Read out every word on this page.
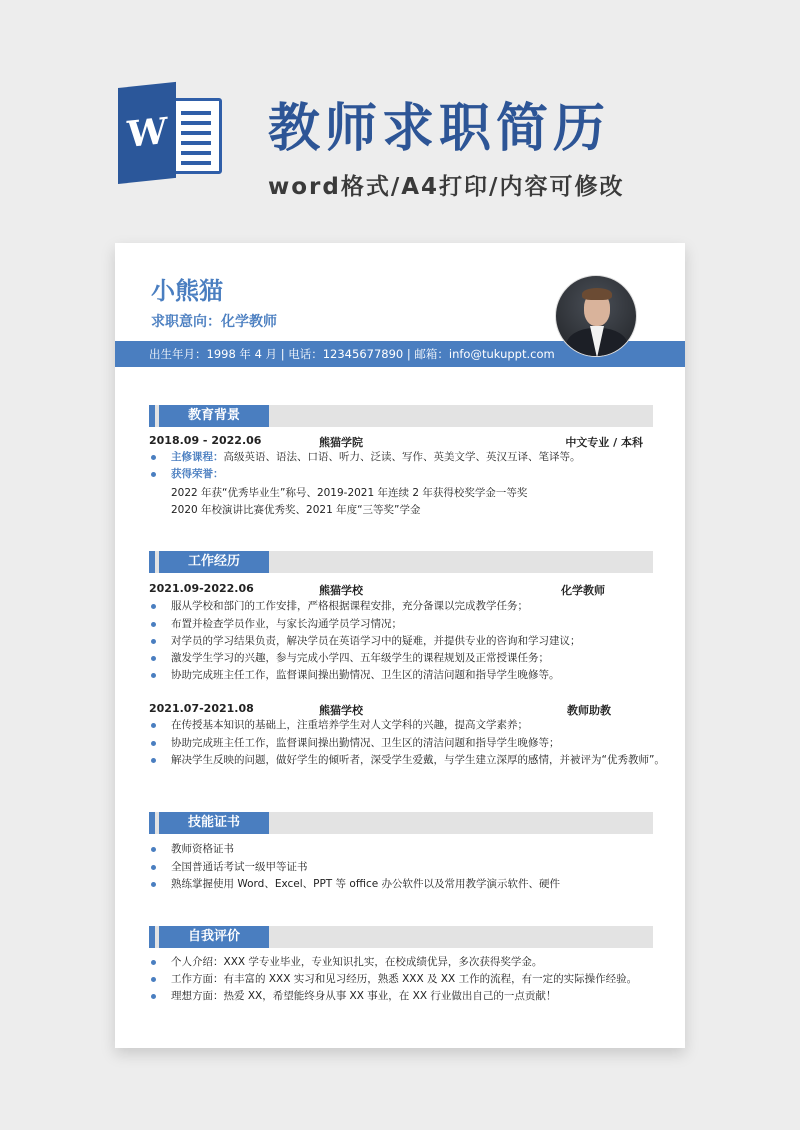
W 教师求职简历
word格式/A4打印/内容可修改
小熊猫
求职意向：化学教师
出生年月：1998 年 4 月 | 电话：12345677890 | 邮箱：info@tukuppt.com
教育背景
2018.09 - 2022.06	熊猫学院	中文专业 / 本科
主修课程：高级英语、语法、口语、听力、泛读、写作、英美文学、英汉互译、笔译等。
获得荣誉：
2022 年获“优秀毕业生”称号、2019-2021 年连续 2 年获得校奖学金一等奖
2020 年校演讲比赛优秀奖、2021 年度“三等奖”学金
工作经历
2021.09-2022.06	熊猫学校	化学教师
服从学校和部门的工作安排，严格根据课程安排，充分备课以完成教学任务；
布置并检查学员作业，与家长沟通学员学习情况；
对学员的学习结果负责，解决学员在英语学习中的疑难，并提供专业的咨询和学习建议；
激发学生学习的兴趣，参与完成小学四、五年级学生的课程规划及正常授课任务；
协助完成班主任工作，监督课间操出勤情况、卫生区的清洁问题和指导学生晚修等。
2021.07-2021.08	熊猫学校	教师助教
在传授基本知识的基础上，注重培养学生对人文学科的兴趣，提高文学素养；
协助完成班主任工作，监督课间操出勤情况、卫生区的清洁问题和指导学生晚修等；
解决学生反映的问题，做好学生的倾听者，深受学生爱戴，与学生建立深厚的感情，并被评为“优秀教师”。
技能证书
教师资格证书
全国普通话考试一级甲等证书
熟练掌握使用 Word、Excel、PPT 等 office 办公软件以及常用教学演示软件、硬件
自我评价
个人介绍：XXX 学专业毕业，专业知识扎实，在校成绩优异，多次获得奖学金。
工作方面：有丰富的 XXX 实习和见习经历，熟悉 XXX 及 XX 工作的流程，有一定的实际操作经验。
理想方面：热爱 XX，希望能终身从事 XX 事业，在 XX 行业做出自己的一点贡献！
